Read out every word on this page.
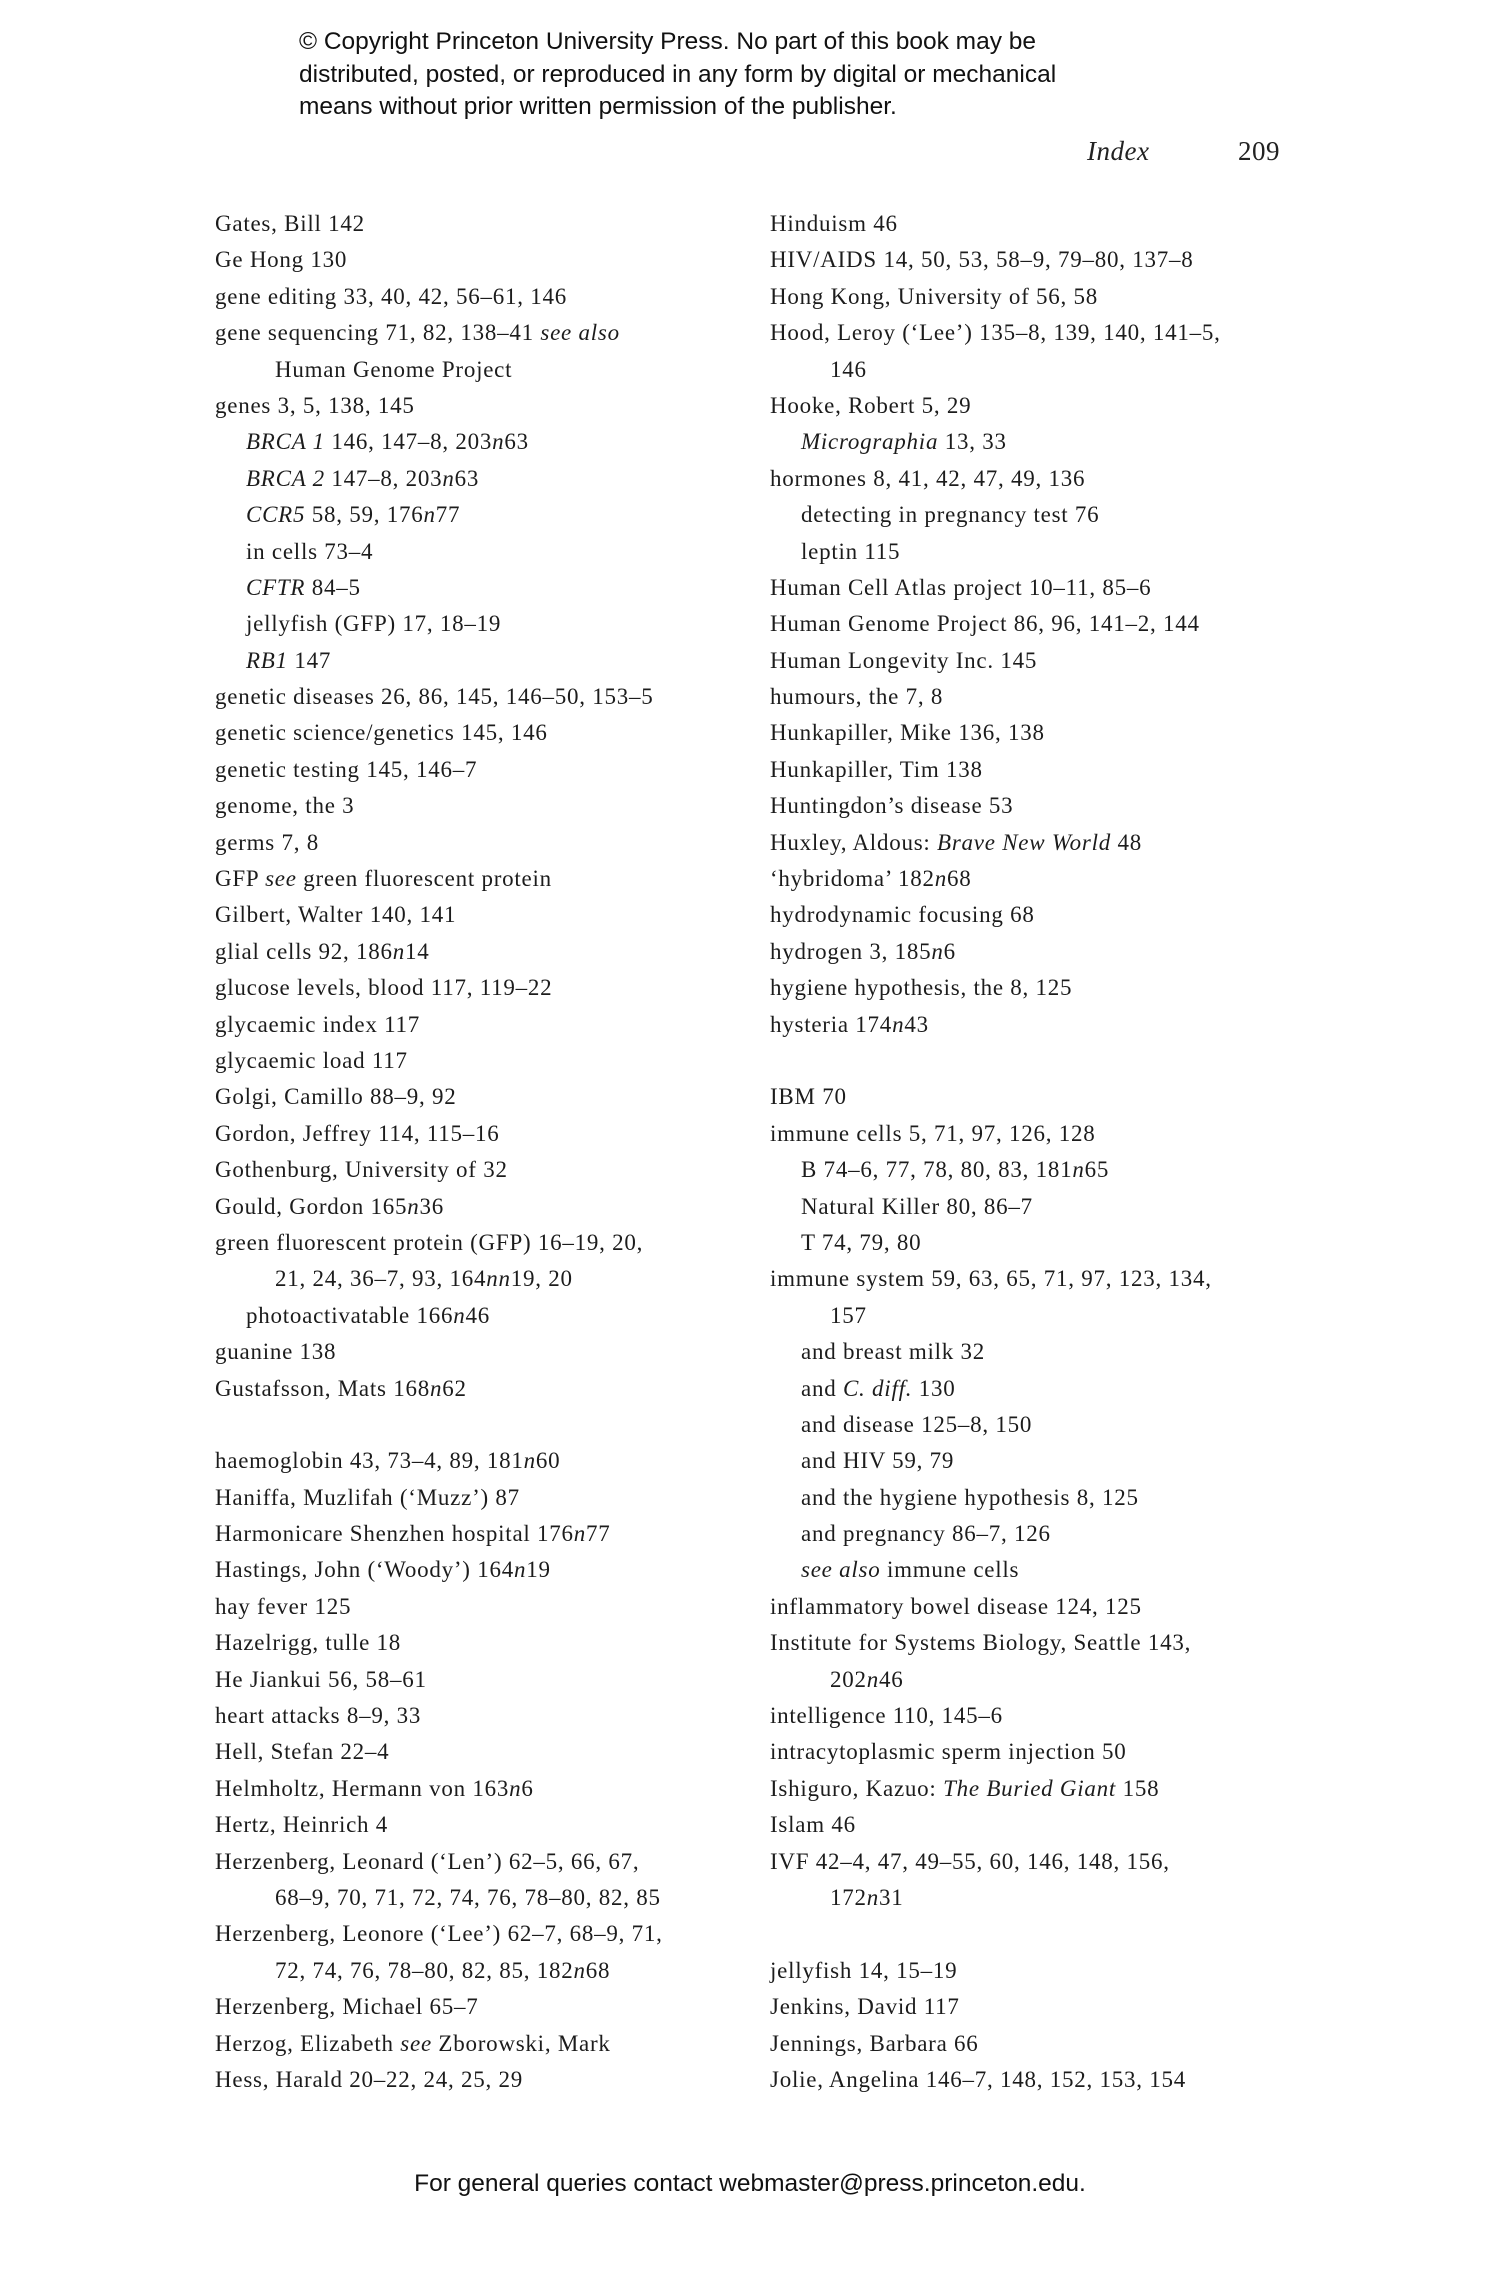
© Copyright Princeton University Press. No part of this book may be
distributed, posted, or reproduced in any form by digital or mechanical
means without prior written permission of the publisher.
Index	209
Gates, Bill 142
Ge Hong 130
gene editing 33, 40, 42, 56–61, 146
gene sequencing 71, 82, 138–41 see also
Human Genome Project
genes 3, 5, 138, 145
BRCA 1 146, 147–8, 203n63
BRCA 2 147–8, 203n63
CCR5 58, 59, 176n77
in cells 73–4
CFTR 84–5
jellyfish (GFP) 17, 18–19
RB1 147
genetic diseases 26, 86, 145, 146–50, 153–5
genetic science/genetics 145, 146
genetic testing 145, 146–7
genome, the 3
germs 7, 8
GFP see green fluorescent protein
Gilbert, Walter 140, 141
glial cells 92, 186n14
glucose levels, blood 117, 119–22
glycaemic index 117
glycaemic load 117
Golgi, Camillo 88–9, 92
Gordon, Jeffrey 114, 115–16
Gothenburg, University of 32
Gould, Gordon 165n36
green fluorescent protein (GFP) 16–19, 20,
21, 24, 36–7, 93, 164nn19, 20
photoactivatable 166n46
guanine 138
Gustafsson, Mats 168n62
haemoglobin 43, 73–4, 89, 181n60
Haniffa, Muzlifah (‘Muzz’) 87
Harmonicare Shenzhen hospital 176n77
Hastings, John (‘Woody’) 164n19
hay fever 125
Hazelrigg, tulle 18
He Jiankui 56, 58–61
heart attacks 8–9, 33
Hell, Stefan 22–4
Helmholtz, Hermann von 163n6
Hertz, Heinrich 4
Herzenberg, Leonard (‘Len’) 62–5, 66, 67,
68–9, 70, 71, 72, 74, 76, 78–80, 82, 85
Herzenberg, Leonore (‘Lee’) 62–7, 68–9, 71,
72, 74, 76, 78–80, 82, 85, 182n68
Herzenberg, Michael 65–7
Herzog, Elizabeth see Zborowski, Mark
Hess, Harald 20–22, 24, 25, 29
Hinduism 46
HIV/AIDS 14, 50, 53, 58–9, 79–80, 137–8
Hong Kong, University of 56, 58
Hood, Leroy (‘Lee’) 135–8, 139, 140, 141–5,
146
Hooke, Robert 5, 29
Micrographia 13, 33
hormones 8, 41, 42, 47, 49, 136
detecting in pregnancy test 76
leptin 115
Human Cell Atlas project 10–11, 85–6
Human Genome Project 86, 96, 141–2, 144
Human Longevity Inc. 145
humours, the 7, 8
Hunkapiller, Mike 136, 138
Hunkapiller, Tim 138
Huntingdon’s disease 53
Huxley, Aldous: Brave New World 48
‘hybridoma’ 182n68
hydrodynamic focusing 68
hydrogen 3, 185n6
hygiene hypothesis, the 8, 125
hysteria 174n43
IBM 70
immune cells 5, 71, 97, 126, 128
B 74–6, 77, 78, 80, 83, 181n65
Natural Killer 80, 86–7
T 74, 79, 80
immune system 59, 63, 65, 71, 97, 123, 134,
157
and breast milk 32
and C. diff. 130
and disease 125–8, 150
and HIV 59, 79
and the hygiene hypothesis 8, 125
and pregnancy 86–7, 126
see also immune cells
inflammatory bowel disease 124, 125
Institute for Systems Biology, Seattle 143,
202n46
intelligence 110, 145–6
intracytoplasmic sperm injection 50
Ishiguro, Kazuo: The Buried Giant 158
Islam 46
IVF 42–4, 47, 49–55, 60, 146, 148, 156,
172n31
jellyfish 14, 15–19
Jenkins, David 117
Jennings, Barbara 66
Jolie, Angelina 146–7, 148, 152, 153, 154
For general queries contact webmaster@press.princeton.edu.
